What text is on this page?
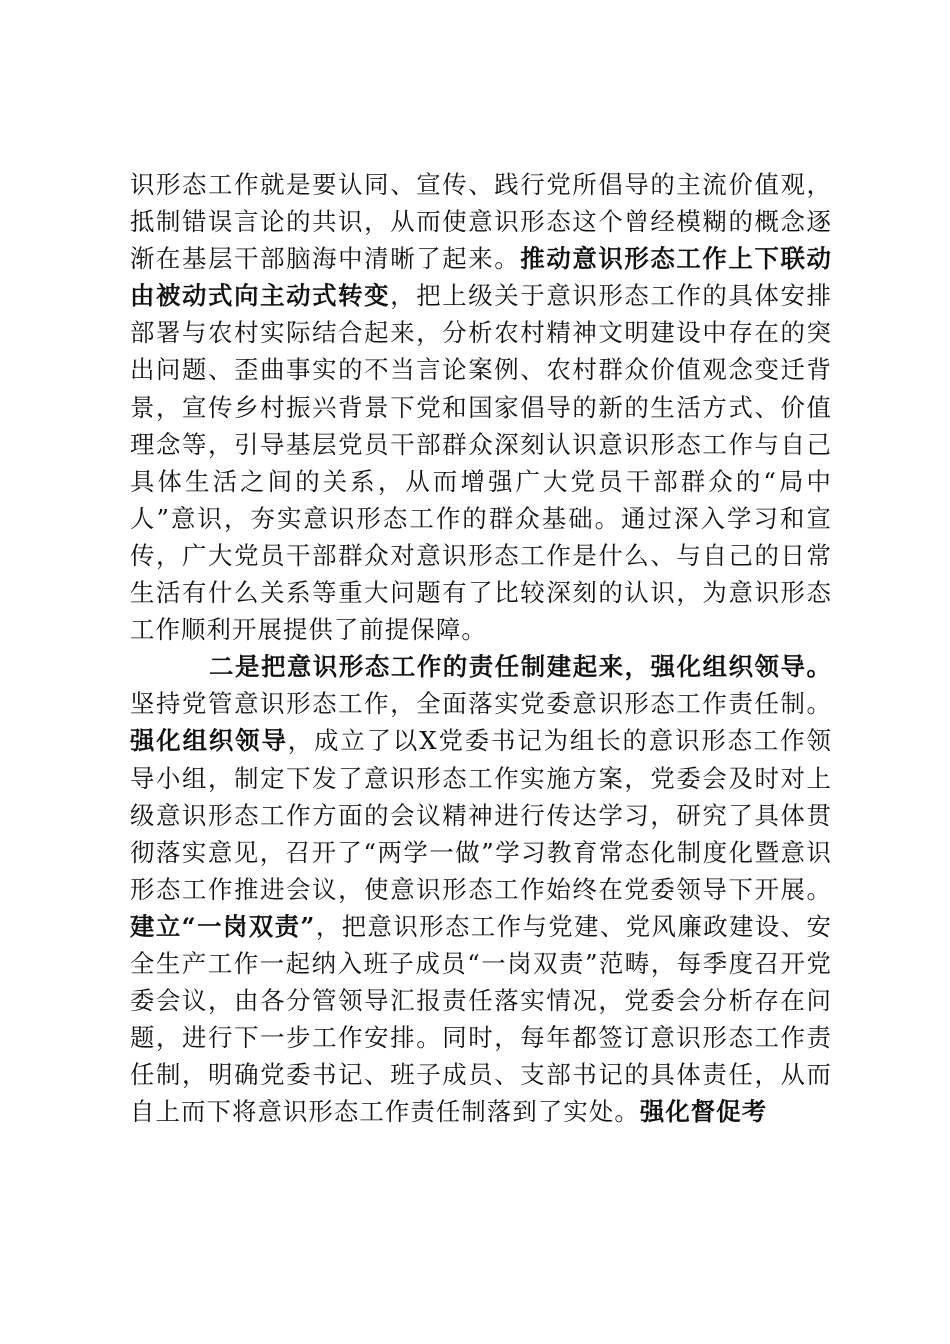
识形态工作就是要认同、宣传、践行党所倡导的主流价值观，抵制错误言论的共识，从而使意识形态这个曾经模糊的概念逐渐在基层干部脑海中清晰了起来。推动意识形态工作上下联动由被动式向主动式转变，把上级关于意识形态工作的具体安排部署与农村实际结合起来，分析农村精神文明建设中存在的突出问题、歪曲事实的不当言论案例、农村群众价值观念变迁背景，宣传乡村振兴背景下党和国家倡导的新的生活方式、价值理念等，引导基层党员干部群众深刻认识意识形态工作与自己具体生活之间的关系，从而增强广大党员干部群众的“局中人”意识，夯实意识形态工作的群众基础。通过深入学习和宣传，广大党员干部群众对意识形态工作是什么、与自己的日常生活有什么关系等重大问题有了比较深刻的认识，为意识形态工作顺利开展提供了前提保障。

二是把意识形态工作的责任制建起来，强化组织领导。坚持党管意识形态工作，全面落实党委意识形态工作责任制。强化组织领导，成立了以X党委书记为组长的意识形态工作领导小组，制定下发了意识形态工作实施方案，党委会及时对上级意识形态工作方面的会议精神进行传达学习，研究了具体贯彻落实意见，召开了“两学一做”学习教育常态化制度化暨意识形态工作推进会议，使意识形态工作始终在党委领导下开展。建立“一岗双责”，把意识形态工作与党建、党风廉政建设、安全生产工作一起纳入班子成员“一岗双责”范畴，每季度召开党委会议，由各分管领导汇报责任落实情况，党委会分析存在问题，进行下一步工作安排。同时，每年都签订意识形态工作责任制，明确党委书记、班子成员、支部书记的具体责任，从而自上而下将意识形态工作责任制落到了实处。强化督促考
